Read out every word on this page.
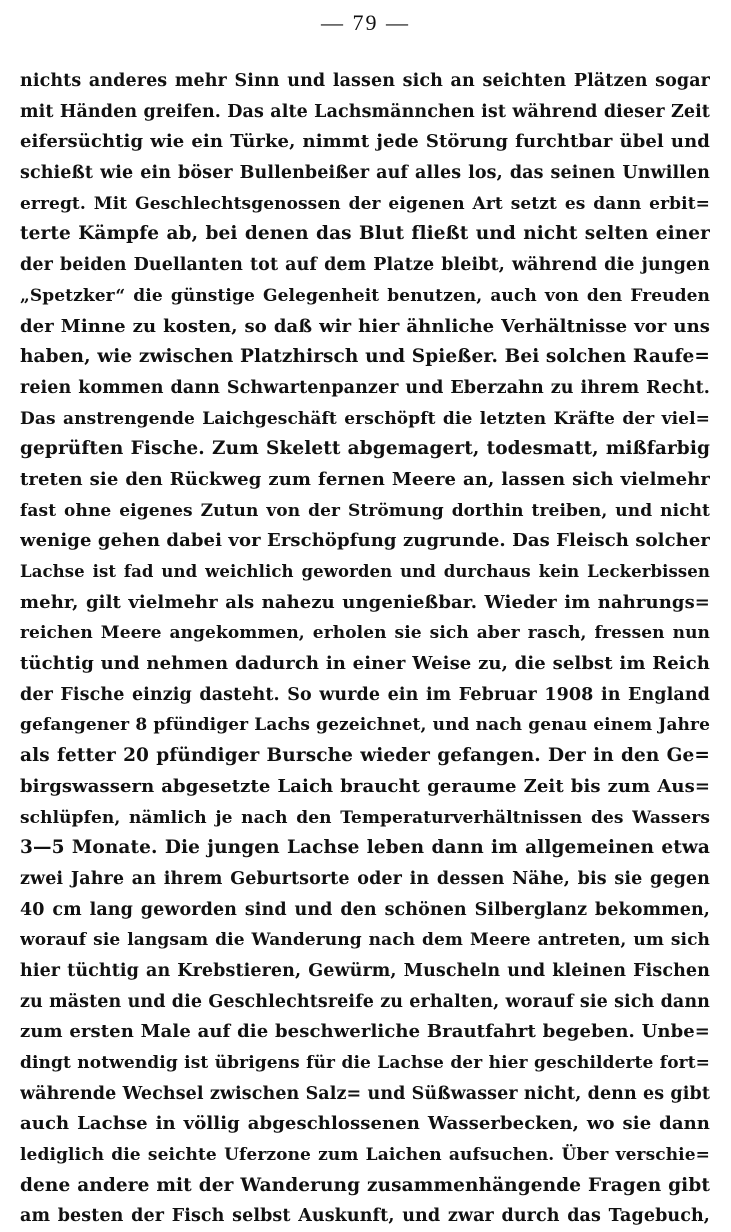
— 79 —
nichts anderes mehr Sinn und lassen sich an seichten Plätzen sogar
mit Händen greifen. Das alte Lachsmännchen ist während dieser Zeit
eifersüchtig wie ein Türke, nimmt jede Störung furchtbar übel und
schießt wie ein böser Bullenbeißer auf alles los, das seinen Unwillen
erregt. Mit Geschlechtsgenossen der eigenen Art setzt es dann erbit=
terte Kämpfe ab, bei denen das Blut fließt und nicht selten einer
der beiden Duellanten tot auf dem Platze bleibt, während die jungen
„Spetzker“ die günstige Gelegenheit benutzen, auch von den Freuden
der Minne zu kosten, so daß wir hier ähnliche Verhältnisse vor uns
haben, wie zwischen Platzhirsch und Spießer. Bei solchen Raufe=
reien kommen dann Schwartenpanzer und Eberzahn zu ihrem Recht.
Das anstrengende Laichgeschäft erschöpft die letzten Kräfte der viel=
geprüften Fische. Zum Skelett abgemagert, todesmatt, mißfarbig
treten sie den Rückweg zum fernen Meere an, lassen sich vielmehr
fast ohne eigenes Zutun von der Strömung dorthin treiben, und nicht
wenige gehen dabei vor Erschöpfung zugrunde. Das Fleisch solcher
Lachse ist fad und weichlich geworden und durchaus kein Leckerbissen
mehr, gilt vielmehr als nahezu ungenießbar. Wieder im nahrungs=
reichen Meere angekommen, erholen sie sich aber rasch, fressen nun
tüchtig und nehmen dadurch in einer Weise zu, die selbst im Reich
der Fische einzig dasteht. So wurde ein im Februar 1908 in England
gefangener 8 pfündiger Lachs gezeichnet, und nach genau einem Jahre
als fetter 20 pfündiger Bursche wieder gefangen. Der in den Ge=
birgswassern abgesetzte Laich braucht geraume Zeit bis zum Aus=
schlüpfen, nämlich je nach den Temperaturverhältnissen des Wassers
3—5 Monate. Die jungen Lachse leben dann im allgemeinen etwa
zwei Jahre an ihrem Geburtsorte oder in dessen Nähe, bis sie gegen
40 cm lang geworden sind und den schönen Silberglanz bekommen,
worauf sie langsam die Wanderung nach dem Meere antreten, um sich
hier tüchtig an Krebstieren, Gewürm, Muscheln und kleinen Fischen
zu mästen und die Geschlechtsreife zu erhalten, worauf sie sich dann
zum ersten Male auf die beschwerliche Brautfahrt begeben. Unbe=
dingt notwendig ist übrigens für die Lachse der hier geschilderte fort=
währende Wechsel zwischen Salz= und Süßwasser nicht, denn es gibt
auch Lachse in völlig abgeschlossenen Wasserbecken, wo sie dann
lediglich die seichte Uferzone zum Laichen aufsuchen. Über verschie=
dene andere mit der Wanderung zusammenhängende Fragen gibt
am besten der Fisch selbst Auskunft, und zwar durch das Tagebuch,
